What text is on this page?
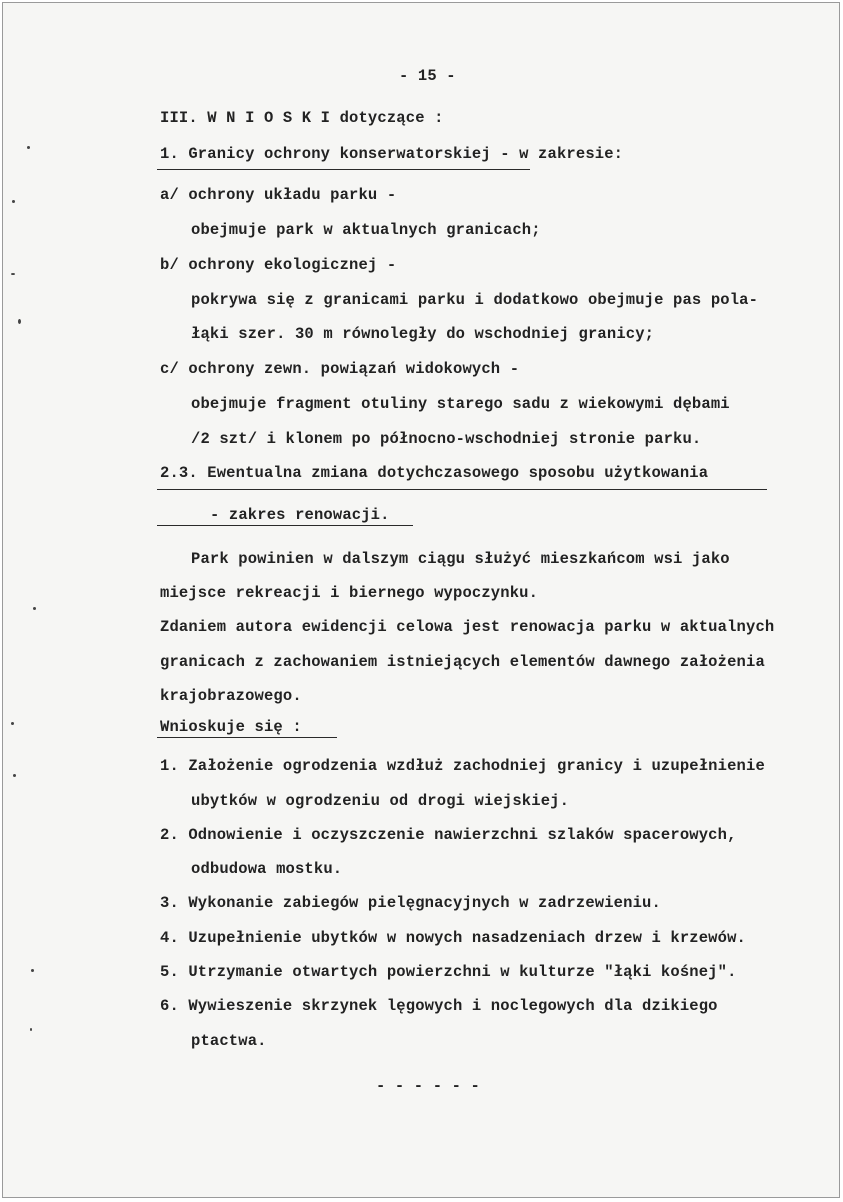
- 15 -
III. W N I O S K I dotyczące :
1. Granicy ochrony konserwatorskiej - w zakresie:
a/ ochrony układu parku -
obejmuje park w aktualnych granicach;
b/ ochrony ekologicznej -
pokrywa się z granicami parku i dodatkowo obejmuje pas pola-
łąki szer. 30 m równoległy do wschodniej granicy;
c/ ochrony zewn. powiązań widokowych -
obejmuje fragment otuliny starego sadu z wiekowymi dębami
/2 szt/ i klonem po północno-wschodniej stronie parku.
2.3. Ewentualna zmiana dotychczasowego sposobu użytkowania
- zakres renowacji.
Park powinien w dalszym ciągu służyć mieszkańcom wsi jako
miejsce rekreacji i biernego wypoczynku.
Zdaniem autora ewidencji celowa jest renowacja parku w aktualnych
granicach z zachowaniem istniejących elementów dawnego założenia
krajobrazowego.
Wnioskuje się :
1. Założenie ogrodzenia wzdłuż zachodniej granicy i uzupełnienie
ubytków w ogrodzeniu od drogi wiejskiej.
2. Odnowienie i oczyszczenie nawierzchni szlaków spacerowych,
odbudowa mostku.
3. Wykonanie zabiegów pielęgnacyjnych w zadrzewieniu.
4. Uzupełnienie ubytków w nowych nasadzeniach drzew i krzewów.
5. Utrzymanie otwartych powierzchni w kulturze "łąki kośnej".
6. Wywieszenie skrzynek lęgowych i noclegowych dla dzikiego
ptactwa.
- - - - - -
